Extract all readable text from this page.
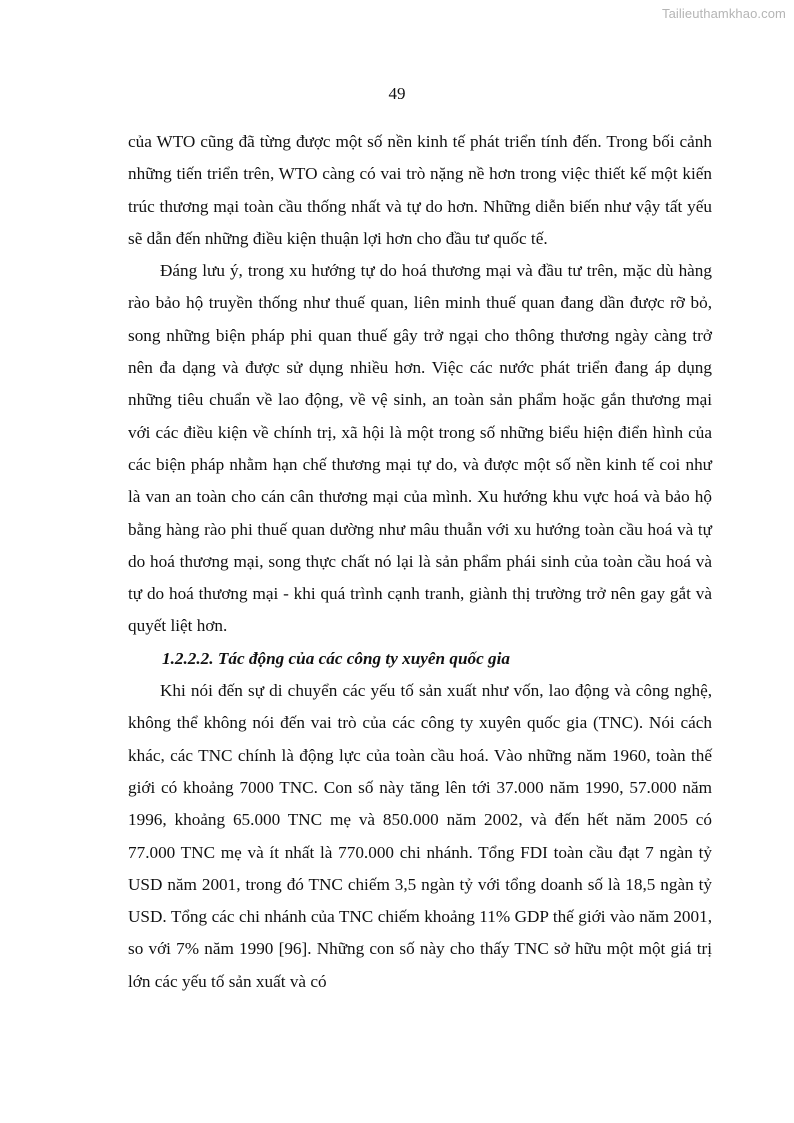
Tailieuthamkhao.com
49

của WTO cũng đã từng được một số nền kinh tế phát triển tính đến. Trong bối cảnh những tiến triển trên, WTO càng có vai trò nặng nề hơn trong việc thiết kế một kiến trúc thương mại toàn cầu thống nhất và tự do hơn. Những diễn biến như vậy tất yếu sẽ dẫn đến những điều kiện thuận lợi hơn cho đầu tư quốc tế.

Đáng lưu ý, trong xu hướng tự do hoá thương mại và đầu tư trên, mặc dù hàng rào bảo hộ truyền thống như thuế quan, liên minh thuế quan đang dần được rỡ bỏ, song những biện pháp phi quan thuế gây trở ngại cho thông thương ngày càng trở nên đa dạng và được sử dụng nhiều hơn. Việc các nước phát triển đang áp dụng những tiêu chuẩn về lao động, về vệ sinh, an toàn sản phẩm hoặc gắn thương mại với các điều kiện về chính trị, xã hội là một trong số những biểu hiện điển hình của các biện pháp nhằm hạn chế thương mại tự do, và được một số nền kinh tế coi như là van an toàn cho cán cân thương mại của mình. Xu hướng khu vực hoá và bảo hộ bằng hàng rào phi thuế quan dường như mâu thuẫn với xu hướng toàn cầu hoá và tự do hoá thương mại, song thực chất nó lại là sản phẩm phái sinh của toàn cầu hoá và tự do hoá thương mại - khi quá trình cạnh tranh, giành thị trường trở nên gay gắt và quyết liệt hơn.

1.2.2.2. Tác động của các công ty xuyên quốc gia

Khi nói đến sự di chuyển các yếu tố sản xuất như vốn, lao động và công nghệ, không thể không nói đến vai trò của các công ty xuyên quốc gia (TNC). Nói cách khác, các TNC chính là động lực của toàn cầu hoá. Vào những năm 1960, toàn thế giới có khoảng 7000 TNC. Con số này tăng lên tới 37.000 năm 1990, 57.000 năm 1996, khoảng 65.000 TNC mẹ và 850.000 năm 2002, và đến hết năm 2005 có 77.000 TNC mẹ và ít nhất là 770.000 chi nhánh. Tổng FDI toàn cầu đạt 7 ngàn tỷ USD năm 2001, trong đó TNC chiếm 3,5 ngàn tỷ với tổng doanh số là 18,5 ngàn tỷ USD. Tổng các chi nhánh của TNC chiếm khoảng 11% GDP thế giới vào năm 2001, so với 7% năm 1990 [96]. Những con số này cho thấy TNC sở hữu một một giá trị lớn các yếu tố sản xuất và có
